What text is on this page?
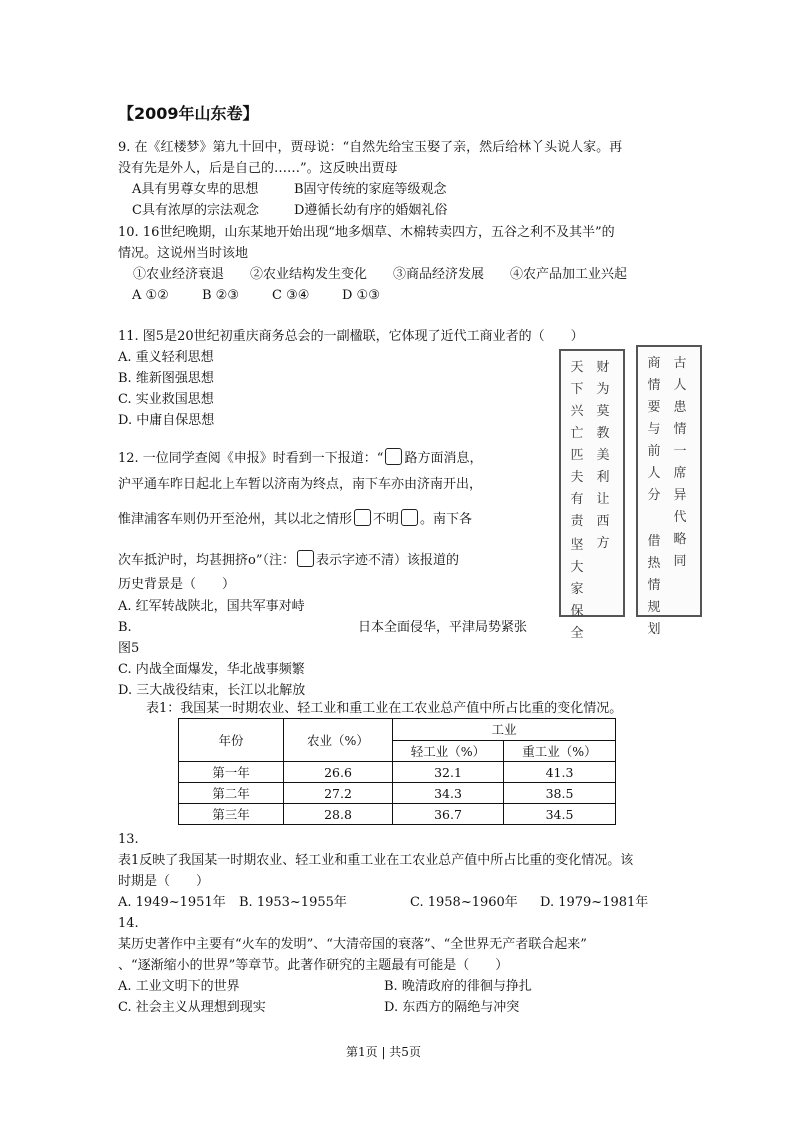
【2009年山东卷】
9. 在《红楼梦》第九十回中，贾母说：“自然先给宝玉娶了亲，然后给林丫头说人家。再
没有先是外人，后是自己的……”。这反映出贾母
A具有男尊女卑的思想	B固守传统的家庭等级观念
C具有浓厚的宗法观念	D遵循长幼有序的婚姻礼俗
10. 16世纪晚期，山东某地开始出现“地多烟草、木棉转卖四方，五谷之利不及其半”的
情况。这说州当时该地
①农业经济衰退　　②农业结构发生变化　　③商品经济发展　　④农产品加工业兴起
A ①②	B ②③	C ③④	D ①③
11. 图5是20世纪初重庆商务总会的一副楹联，它体现了近代工商业者的（　　）
A. 重义轻利思想
B. 维新图强思想
C. 实业救国思想
D. 中庸自保思想
天下兴亡匹夫有责
财为莫教美利让
西方
坚大家保全
古人患情
商情要与前人分
一席异代略同
借热情规划
12. 一位同学查阅《申报》时看到一下报道：“ 路方面消息，
沪平通车昨日起北上车暂以济南为终点，南下车亦由济南开出，
惟津浦客车则仍开至沧州，其以北之情形 不明 。南下各
次车抵沪时，均甚拥挤o”（注： 表示字迹不清）该报道的
历史背景是（　　）
A. 红军转战陕北，国共军事对峙
B.	日本全面侵华，平津局势紧张
图5
C. 内战全面爆发，华北战事频繁
D. 三大战役结束，长江以北解放
表1：我国某一时期农业、轻工业和重工业在工农业总产值中所占比重的变化情况。
年份	农业（%）	工业	
		轻工业（%）	重工业（%）
第一年	26.6	32.1	41.3
第二年	27.2	34.3	38.5
第三年	28.8	36.7	34.5
13.
表1反映了我国某一时期农业、轻工业和重工业在工农业总产值中所占比重的变化情况。该
时期是（　　）
A. 1949~1951年 B. 1953~1955年	C. 1958~1960年 D. 1979~1981年
14.
某历史著作中主要有“火车的发明”、“大清帝国的衰落”、“全世界无产者联合起来”
、“逐渐缩小的世界”等章节。此著作研究的主题最有可能是（　　）
A. 工业文明下的世界	B. 晚清政府的徘徊与挣扎
C. 社会主义从理想到现实	D. 东西方的隔绝与冲突
第1页 | 共5页
